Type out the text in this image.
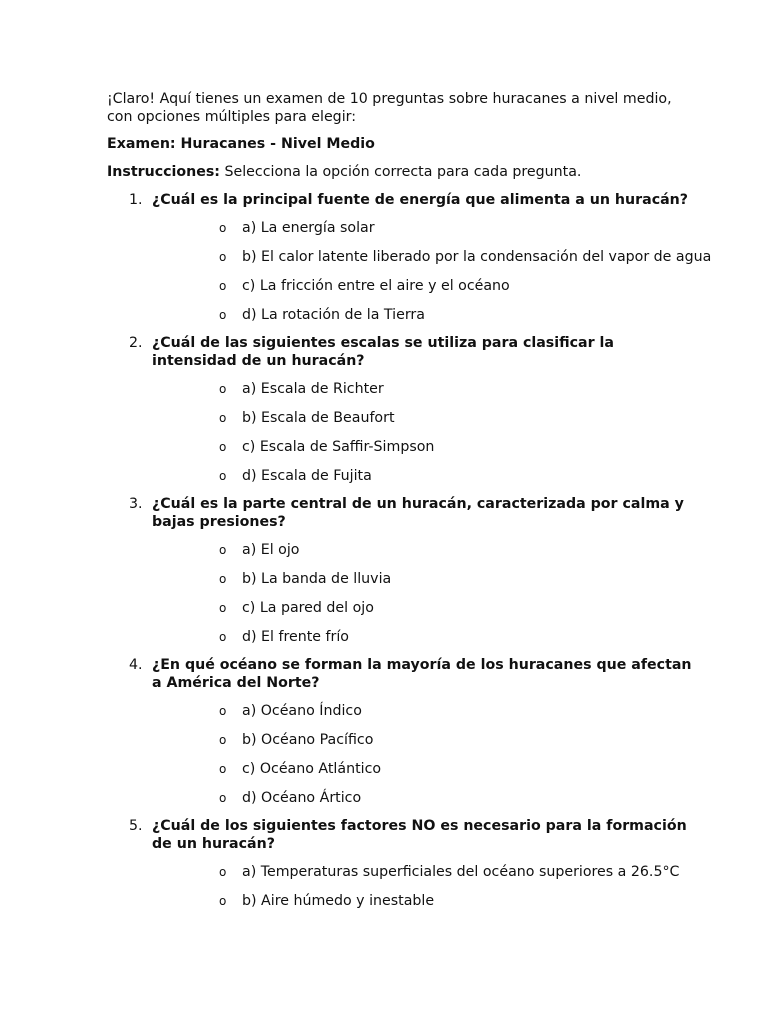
¡Claro! Aquí tienes un examen de 10 preguntas sobre huracanes a nivel medio, con opciones múltiples para elegir:

Examen: Huracanes - Nivel Medio

Instrucciones: Selecciona la opción correcta para cada pregunta.

1. ¿Cuál es la principal fuente de energía que alimenta a un huracán?
o a) La energía solar
o b) El calor latente liberado por la condensación del vapor de agua
o c) La fricción entre el aire y el océano
o d) La rotación de la Tierra
2. ¿Cuál de las siguientes escalas se utiliza para clasificar la intensidad de un huracán?
o a) Escala de Richter
o b) Escala de Beaufort
o c) Escala de Saffir-Simpson
o d) Escala de Fujita
3. ¿Cuál es la parte central de un huracán, caracterizada por calma y bajas presiones?
o a) El ojo
o b) La banda de lluvia
o c) La pared del ojo
o d) El frente frío
4. ¿En qué océano se forman la mayoría de los huracanes que afectan a América del Norte?
o a) Océano Índico
o b) Océano Pacífico
o c) Océano Atlántico
o d) Océano Ártico
5. ¿Cuál de los siguientes factores NO es necesario para la formación de un huracán?
o a) Temperaturas superficiales del océano superiores a 26.5°C
o b) Aire húmedo y inestable
